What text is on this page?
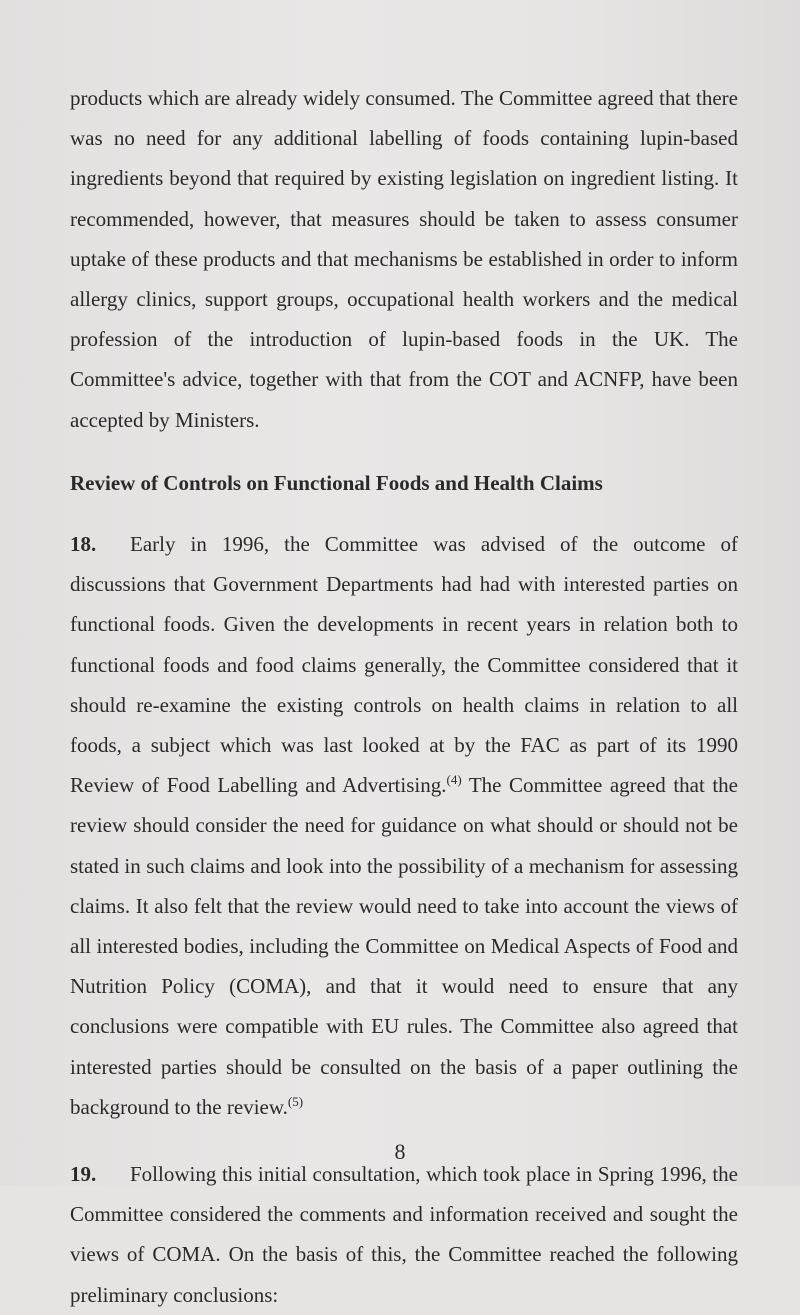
products which are already widely consumed. The Committee agreed that there was no need for any additional labelling of foods containing lupin-based ingredients beyond that required by existing legislation on ingredient listing. It recommended, however, that measures should be taken to assess consumer uptake of these products and that mechanisms be established in order to inform allergy clinics, support groups, occupational health workers and the medical profession of the introduction of lupin-based foods in the UK. The Committee's advice, together with that from the COT and ACNFP, have been accepted by Ministers.

Review of Controls on Functional Foods and Health Claims

18. Early in 1996, the Committee was advised of the outcome of discussions that Government Departments had had with interested parties on functional foods. Given the developments in recent years in relation both to functional foods and food claims generally, the Committee considered that it should re-examine the existing controls on health claims in relation to all foods, a subject which was last looked at by the FAC as part of its 1990 Review of Food Labelling and Advertising.$^{(4)}$ The Committee agreed that the review should consider the need for guidance on what should or should not be stated in such claims and look into the possibility of a mechanism for assessing claims. It also felt that the review would need to take into account the views of all interested bodies, including the Committee on Medical Aspects of Food and Nutrition Policy (COMA), and that it would need to ensure that any conclusions were compatible with EU rules. The Committee also agreed that interested parties should be consulted on the basis of a paper outlining the background to the review.$^{(5)}$

19. Following this initial consultation, which took place in Spring 1996, the Committee considered the comments and information received and sought the views of COMA. On the basis of this, the Committee reached the following preliminary conclusions:

8
